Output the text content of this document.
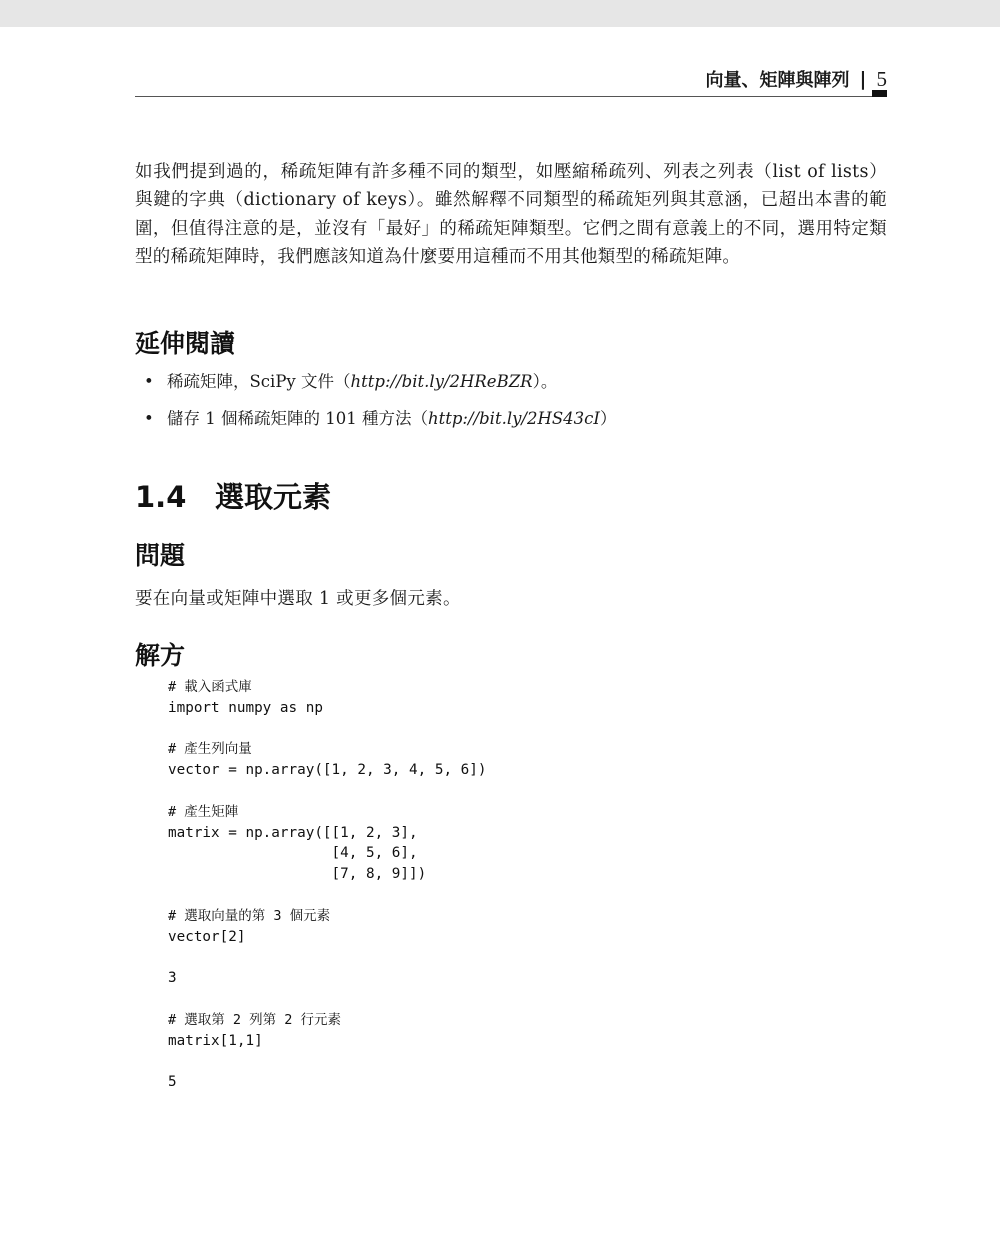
向量、矩陣與陣列 | 5

如我們提到過的，稀疏矩陣有許多種不同的類型，如壓縮稀疏列、列表之列表（list of lists）與鍵的字典（dictionary of keys）。雖然解釋不同類型的稀疏矩列與其意涵，已超出本書的範圍，但值得注意的是，並沒有「最好」的稀疏矩陣類型。它們之間有意義上的不同，選用特定類型的稀疏矩陣時，我們應該知道為什麼要用這種而不用其他類型的稀疏矩陣。

延伸閱讀
• 稀疏矩陣，SciPy 文件（http://bit.ly/2HReBZR）。
• 儲存 1 個稀疏矩陣的 101 種方法（http://bit.ly/2HS43cI）
1.4 選取元素
問題
要在向量或矩陣中選取 1 或更多個元素。
解方
# 載入函式庫
import numpy as np
# 產生列向量
vector = np.array([1, 2, 3, 4, 5, 6])
# 產生矩陣
matrix = np.array([[1, 2, 3],
[4, 5, 6],
[7, 8, 9]])
# 選取向量的第 3 個元素
vector[2]
3
# 選取第 2 列第 2 行元素
matrix[1,1]
5
